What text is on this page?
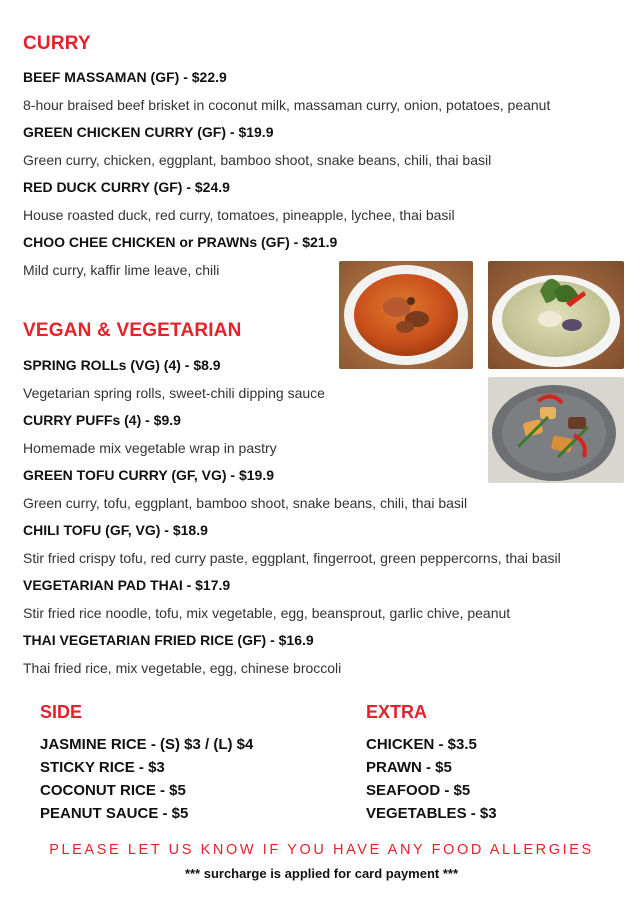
CURRY
BEEF MASSAMAN (GF) - $22.9
8-hour braised beef brisket in coconut milk, massaman curry, onion, potatoes, peanut
GREEN CHICKEN CURRY (GF) - $19.9
Green curry, chicken, eggplant, bamboo shoot, snake beans, chili, thai basil
RED DUCK CURRY (GF) - $24.9
House roasted duck, red curry, tomatoes, pineapple, lychee, thai basil
CHOO CHEE CHICKEN or PRAWNs (GF) - $21.9
Mild curry, kaffir lime leave, chili
VEGAN & VEGETARIAN
SPRING ROLLs (VG) (4) - $8.9
Vegetarian spring rolls, sweet-chili dipping sauce
CURRY PUFFs (4) - $9.9
Homemade mix vegetable wrap in pastry
GREEN TOFU CURRY (GF, VG) - $19.9
Green curry, tofu, eggplant, bamboo shoot, snake beans, chili, thai basil
CHILI TOFU (GF, VG) - $18.9
Stir fried crispy tofu, red curry paste, eggplant, fingerroot, green peppercorns, thai basil
VEGETARIAN PAD THAI - $17.9
Stir fried rice noodle, tofu, mix vegetable, egg, beansprout, garlic chive, peanut
THAI VEGETARIAN FRIED RICE (GF) - $16.9
Thai fried rice, mix vegetable, egg, chinese broccoli
SIDE
JASMINE RICE - (S) $3 / (L) $4
STICKY RICE - $3
COCONUT RICE - $5
PEANUT SAUCE - $5
EXTRA
CHICKEN - $3.5
PRAWN - $5
SEAFOOD - $5
VEGETABLES - $3
PLEASE LET US KNOW IF YOU HAVE ANY FOOD ALLERGIES
*** surcharge is applied for card payment ***
